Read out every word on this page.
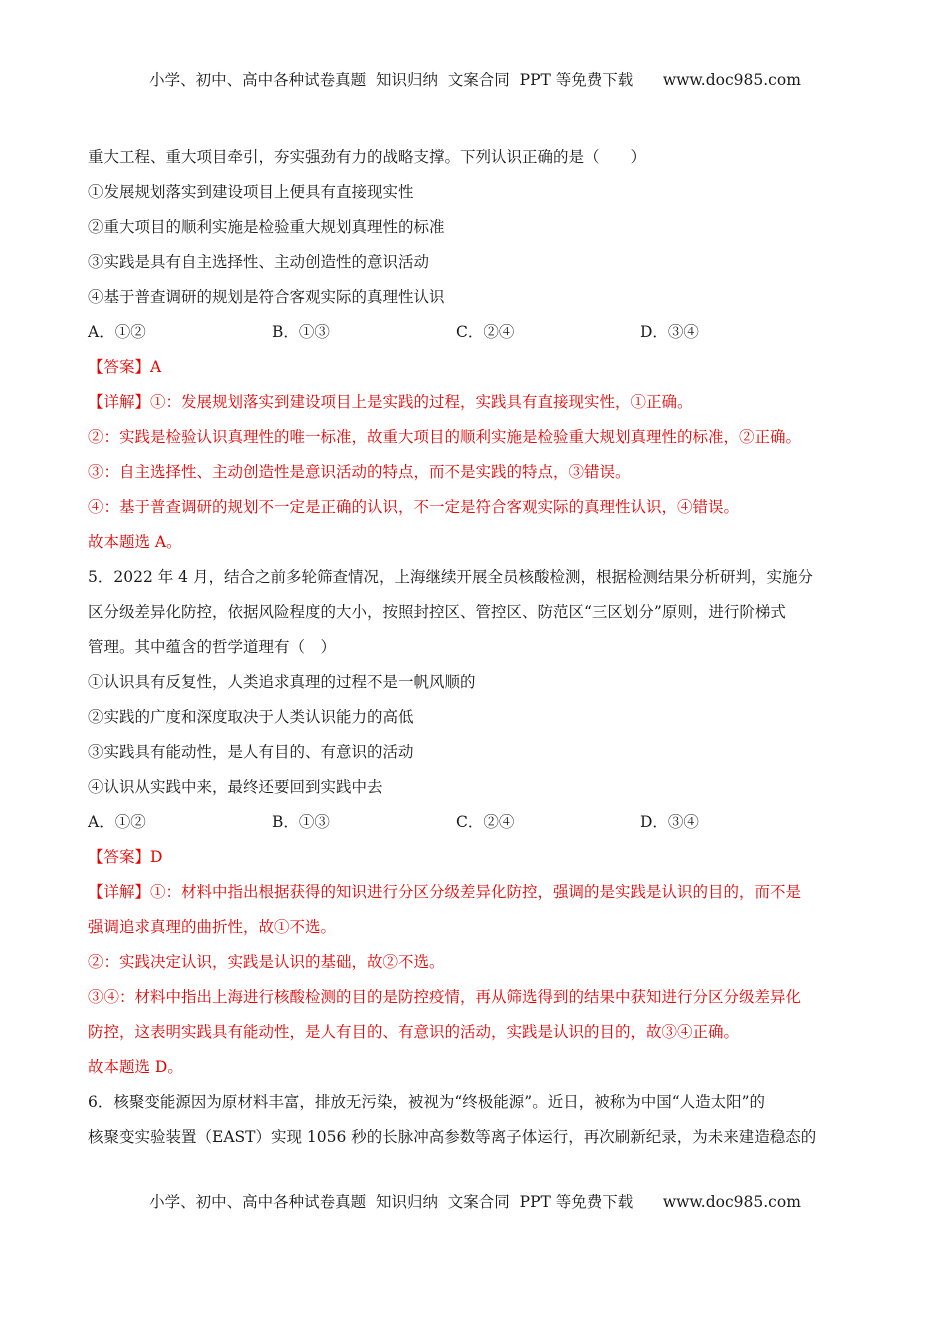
小学、初中、高中各种试卷真题  知识归纳  文案合同  PPT 等免费下载      www.doc985.com
重大工程、重大项目牵引，夯实强劲有力的战略支撑。下列认识正确的是（　　）
①发展规划落实到建设项目上便具有直接现实性
②重大项目的顺利实施是检验重大规划真理性的标准
③实践是具有自主选择性、主动创造性的意识活动
④基于普查调研的规划是符合客观实际的真理性认识
A．①②	B．①③	C．②④	D．③④
【答案】A
【详解】①：发展规划落实到建设项目上是实践的过程，实践具有直接现实性，①正确。
②：实践是检验认识真理性的唯一标准，故重大项目的顺利实施是检验重大规划真理性的标准，②正确。
③：自主选择性、主动创造性是意识活动的特点，而不是实践的特点，③错误。
④：基于普查调研的规划不一定是正确的认识，不一定是符合客观实际的真理性认识，④错误。
故本题选 A。
5．2022 年 4 月，结合之前多轮筛查情况，上海继续开展全员核酸检测，根据检测结果分析研判，实施分
区分级差异化防控，依据风险程度的大小，按照封控区、管控区、防范区“三区划分”原则，进行阶梯式
管理。其中蕴含的哲学道理有（　）
①认识具有反复性，人类追求真理的过程不是一帆风顺的
②实践的广度和深度取决于人类认识能力的高低
③实践具有能动性，是人有目的、有意识的活动
④认识从实践中来，最终还要回到实践中去
A．①②	B．①③	C．②④	D．③④
【答案】D
【详解】①：材料中指出根据获得的知识进行分区分级差异化防控，强调的是实践是认识的目的，而不是
强调追求真理的曲折性，故①不选。
②：实践决定认识，实践是认识的基础，故②不选。
③④：材料中指出上海进行核酸检测的目的是防控疫情，再从筛选得到的结果中获知进行分区分级差异化
防控，这表明实践具有能动性，是人有目的、有意识的活动，实践是认识的目的，故③④正确。
故本题选 D。
6．核聚变能源因为原材料丰富，排放无污染，被视为“终极能源”。近日，被称为中国“人造太阳”的
核聚变实验装置（EAST）实现 1056 秒的长脉冲高参数等离子体运行，再次刷新纪录，为未来建造稳态的
小学、初中、高中各种试卷真题  知识归纳  文案合同  PPT 等免费下载      www.doc985.com
